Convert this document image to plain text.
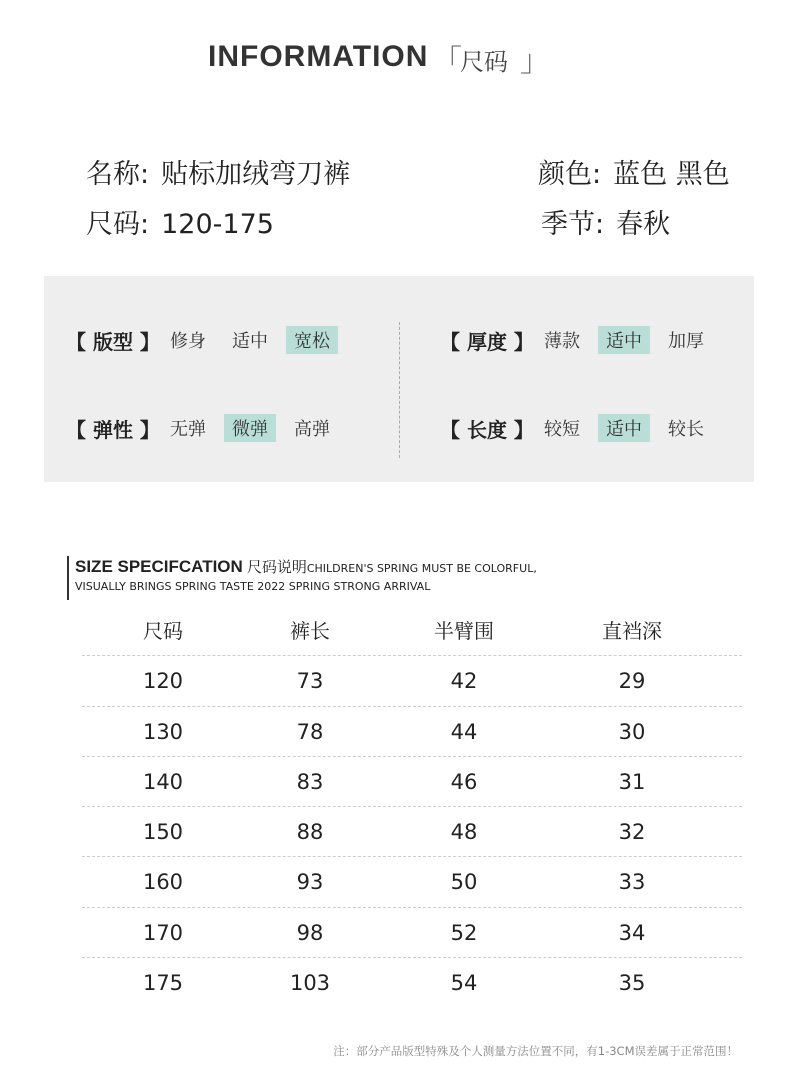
INFORMATION 「
尺码 」
名称: 贴标加绒弯刀裤	颜色: 蓝色 黑色
尺码: 120-175	季节: 春秋
【 版型 】 修身	适中	宽松	【 厚度 】 薄款	适中	加厚
【 弹性 】 无弹	微弹	高弹	【 长度 】 较短	适中	较长
SIZE SPECIFCATION 尺码说明CHILDREN'S SPRING MUST BE COLORFUL,
VISUALLY BRINGS SPRING TASTE 2022 SPRING STRONG ARRIVAL
尺码	裤长	半臂围	直裆深
120	73	42	29
130	78	44	30
140	83	46	31
150	88	48	32
160	93	50	33
170	98	52	34
175	103	54	35
注：部分产品版型特殊及个人测量方法位置不同，有1-3CM误差属于正常范围！
